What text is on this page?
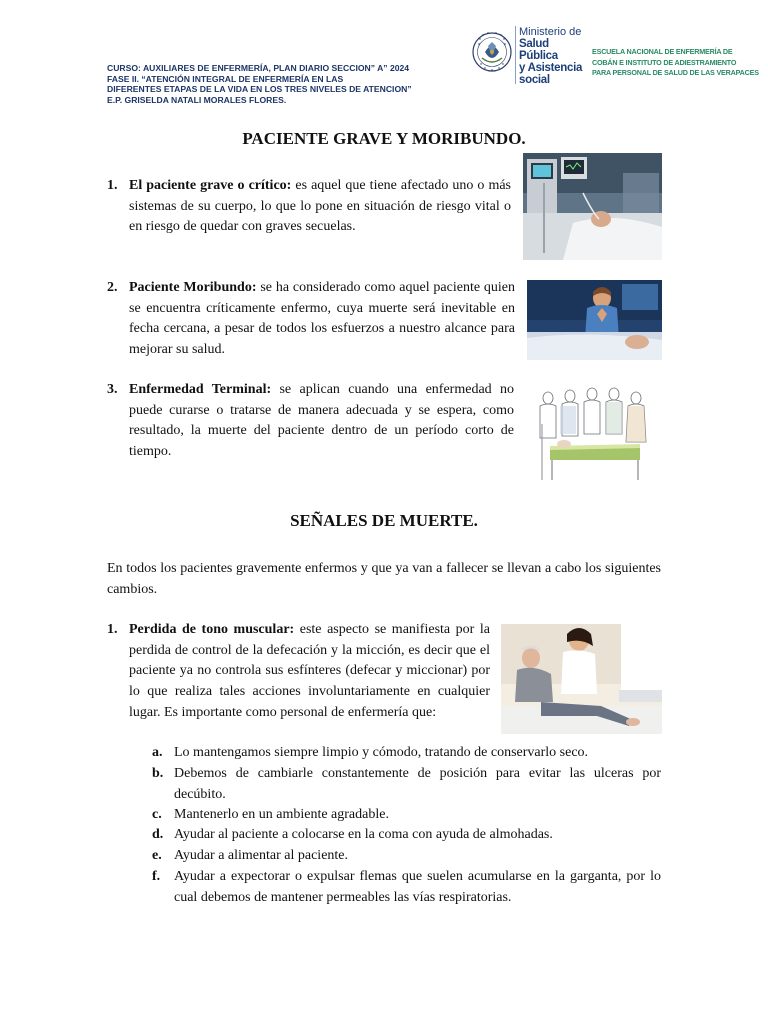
CURSO: AUXILIARES DE ENFERMERÍA, PLAN DIARIO SECCION” A” 2024
FASE II. “ATENCIÓN INTEGRAL DE ENFERMERÍA EN LAS
DIFERENTES ETAPAS DE LA VIDA EN LOS TRES NIVELES DE ATENCION”
E.P. GRISELDA NATALI MORALES FLORES.
Ministerio de
Salud Pública
y Asistencia
social
ESCUELA NACIONAL DE ENFERMERÍA DE
COBÁN E INSTITUTO DE ADIESTRAMIENTO
PARA PERSONAL DE SALUD DE LAS VERAPACES
PACIENTE GRAVE Y MORIBUNDO.
1. El paciente grave o crítico: es aquel que tiene afectado uno o más sistemas de su cuerpo, lo que lo pone en situación de riesgo vital o en riesgo de quedar con graves secuelas.
2. Paciente Moribundo: se ha considerado como aquel paciente quien se encuentra críticamente enfermo, cuya muerte será inevitable en fecha cercana, a pesar de todos los esfuerzos a nuestro alcance para mejorar su salud.
3. Enfermedad Terminal: se aplican cuando una enfermedad no puede curarse o tratarse de manera adecuada y se espera, como resultado, la muerte del paciente dentro de un período corto de tiempo.
SEÑALES DE MUERTE.
En todos los pacientes gravemente enfermos y que ya van a fallecer se llevan a cabo los siguientes cambios.
1. Perdida de tono muscular: este aspecto se manifiesta por la perdida de control de la defecación y la micción, es decir que el paciente ya no controla sus esfínteres (defecar y miccionar) por lo que realiza tales acciones involuntariamente en cualquier lugar. Es importante como personal de enfermería que:
a. Lo mantengamos siempre limpio y cómodo, tratando de conservarlo seco.
b. Debemos de cambiarle constantemente de posición para evitar las ulceras por decúbito.
c. Mantenerlo en un ambiente agradable.
d. Ayudar al paciente a colocarse en la coma con ayuda de almohadas.
e. Ayudar a alimentar al paciente.
f. Ayudar a expectorar o expulsar flemas que suelen acumularse en la garganta, por lo cual debemos de mantener permeables las vías respiratorias.
